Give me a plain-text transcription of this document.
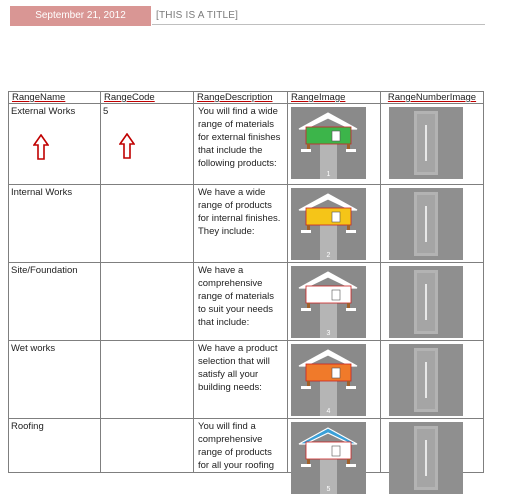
September 21, 2012	[THIS IS A TITLE]
RangeName	RangeCode	RangeDescription	RangeImage	RangeNumberImage
External Works	5	You will find a wide range of materials for external finishes that include the following products:	1

Internal Works		We have a wide range of products for internal finishes. They include:	2

Site/Foundation		We have a comprehensive range of materials to suit your needs that include:	3

Wet works		We have a product selection that will satisfy all your building needs:	4

Roofing		You will find a comprehensive range of products for all your roofing	5
